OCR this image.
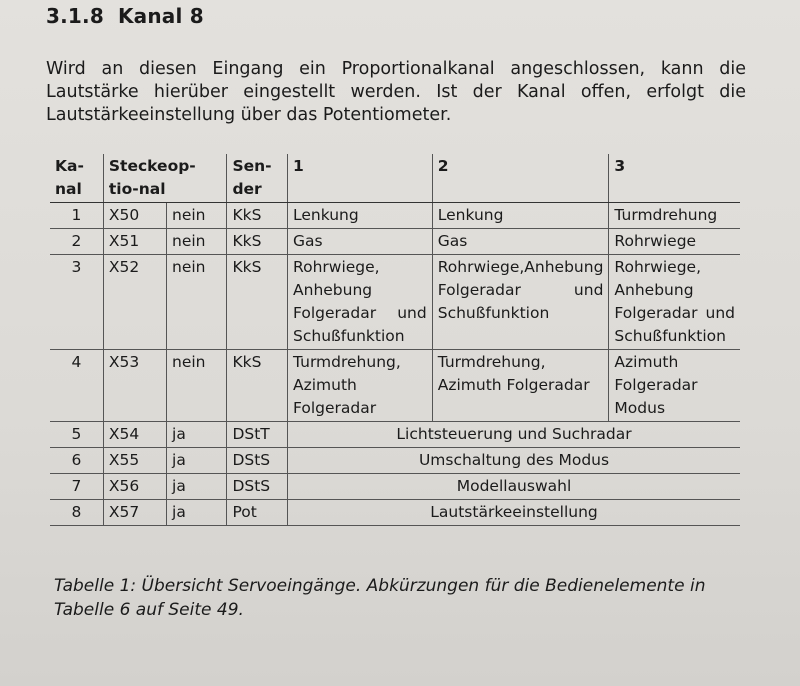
3.1.8 Kanal 8
Wird an diesen Eingang ein Proportionalkanal angeschlossen, kann die Lautstärke hierüber eingestellt werden. Ist der Kanal offen, erfolgt die Lautstärkeeinstellung über das Potentiometer.
Ka-nal	Steckeop-tio-nal		Sen-der	1	2	3
1	X50	nein	KkS	Lenkung	Lenkung	Turmdrehung
2	X51	nein	KkS	Gas	Gas	Rohrwiege
3	X52	nein	KkS	Rohrwiege, Anhebung Folgeradar und Schußfunktion	Rohrwiege,Anhebung Folgeradar und Schußfunktion	Rohrwiege, Anhebung Folgeradar und Schußfunktion
4	X53	nein	KkS	Turmdrehung, Azimuth Folgeradar	Turmdrehung, Azimuth Folgeradar	Azimuth Folgeradar Modus
5	X54	ja	DStT	Lichtsteuerung und Suchradar		
6	X55	ja	DStS	Umschaltung des Modus		
7	X56	ja	DStS	Modellauswahl		
8	X57	ja	Pot	Lautstärkeeinstellung		
Tabelle 1: Übersicht Servoeingänge. Abkürzungen für die Bedienelemente in Tabelle 6 auf Seite 49.
